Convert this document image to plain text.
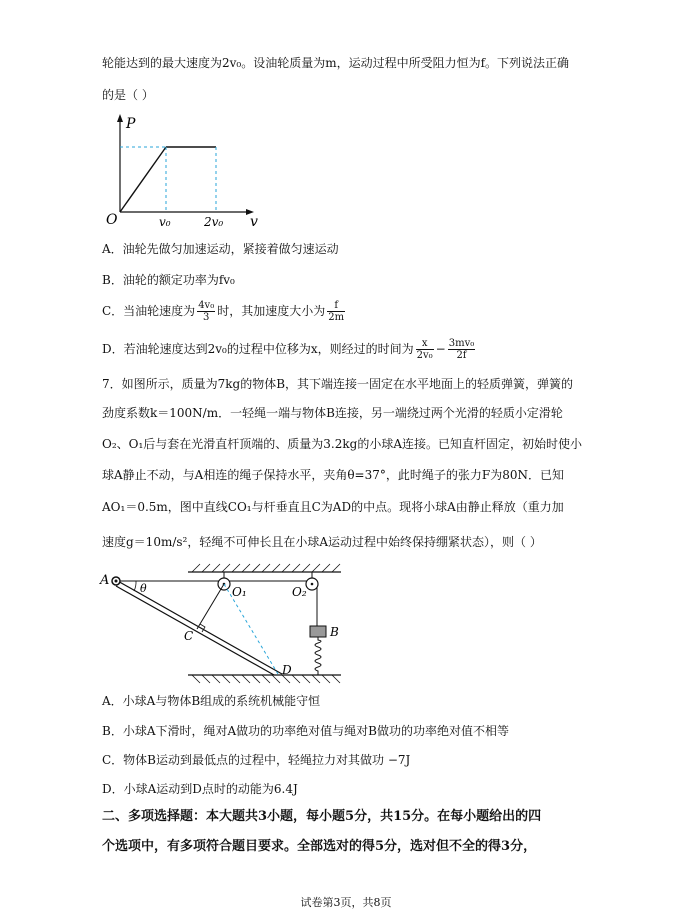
轮能达到的最大速度为2v₀。设油轮质量为m，运动过程中所受阻力恒为f。下列说法正确
的是（ ）
P
v
O	v₀	2v₀
A．油轮先做匀加速运动，紧接着做匀速运动
B．油轮的额定功率为fv₀
C．当油轮速度为 $\frac{\text{4v₀}}{3}$ 时，其加速度大小为 $\frac{f}{2m}$
D．若油轮速度达到2v₀的过程中位移为x，则经过的时间为 $\frac{x}{\text{2v₀}} - \frac{\text{3mv₀}}{2f}$
7．如图所示，质量为7kg的物体B，其下端连接一固定在水平地面上的轻质弹簧，弹簧的
劲度系数k＝100N/m．一轻绳一端与物体B连接，另一端绕过两个光滑的轻质小定滑轮
O₂、O₁后与套在光滑直杆顶端的、质量为3.2kg的小球A连接。已知直杆固定，初始时使小
球A静止不动，与A相连的绳子保持水平，夹角θ=37°，此时绳子的张力F为80N．已知
AO₁＝0.5m，图中直线CO₁与杆垂直且C为AD的中点。现将小球A由静止释放（重力加
速度g＝10m/s²，轻绳不可伸长且在小球A运动过程中始终保持绷紧状态），则（ ）
A
θ	O₁	O₂
B
C
D
A．小球A与物体B组成的系统机械能守恒
B．小球A下滑时，绳对A做功的功率绝对值与绳对B做功的功率绝对值不相等
C．物体B运动到最低点的过程中，轻绳拉力对其做功 −7J
D．小球A运动到D点时的动能为6.4J
二、多项选择题：本大题共3小题，每小题5分，共15分。在每小题给出的四
个选项中，有多项符合题目要求。全部选对的得5分，选对但不全的得3分，
试卷第3页，共8页
